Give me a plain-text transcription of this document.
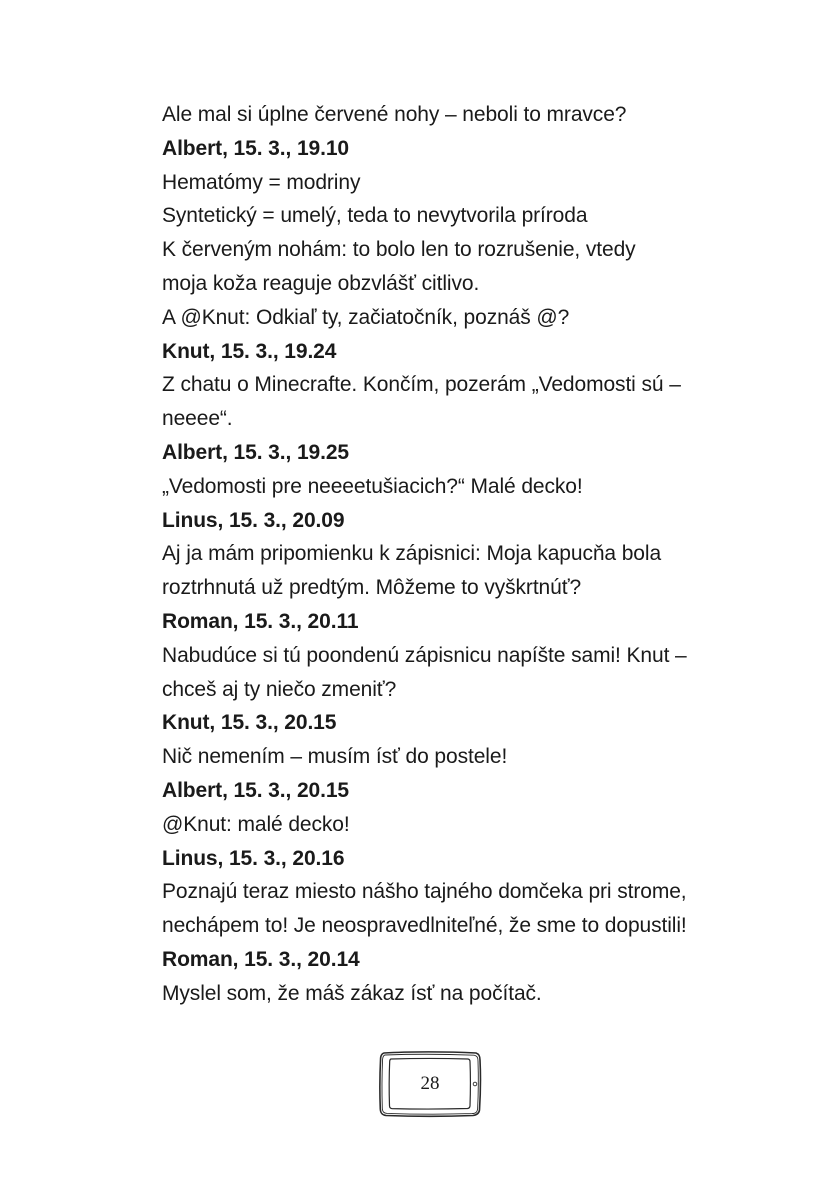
Ale mal si úplne červené nohy – neboli to mravce?
Albert, 15. 3., 19.10
Hematómy = modriny
Syntetický = umelý, teda to nevytvorila príroda
K červeným nohám: to bolo len to rozrušenie, vtedy
moja koža reaguje obzvlášť citlivo.
A @Knut: Odkiaľ ty, začiatočník, poznáš @?
Knut, 15. 3., 19.24
Z chatu o Minecrafte. Končím, pozerám „Vedomosti sú –
neeee“.
Albert, 15. 3., 19.25
„Vedomosti pre neeeetušiacich?“ Malé decko!
Linus, 15. 3., 20.09
Aj ja mám pripomienku k zápisnici: Moja kapucňa bola
roztrhnutá už predtým. Môžeme to vyškrtnúť?
Roman, 15. 3., 20.11
Nabudúce si tú poondenú zápisnicu napíšte sami! Knut –
chceš aj ty niečo zmeniť?
Knut, 15. 3., 20.15
Nič nemením – musím ísť do postele!
Albert, 15. 3., 20.15
@Knut: malé decko!
Linus, 15. 3., 20.16
Poznajú teraz miesto nášho tajného domčeka pri strome,
nechápem to! Je neospravedlniteľné, že sme to dopustili!
Roman, 15. 3., 20.14
Myslel som, že máš zákaz ísť na počítač.
28
